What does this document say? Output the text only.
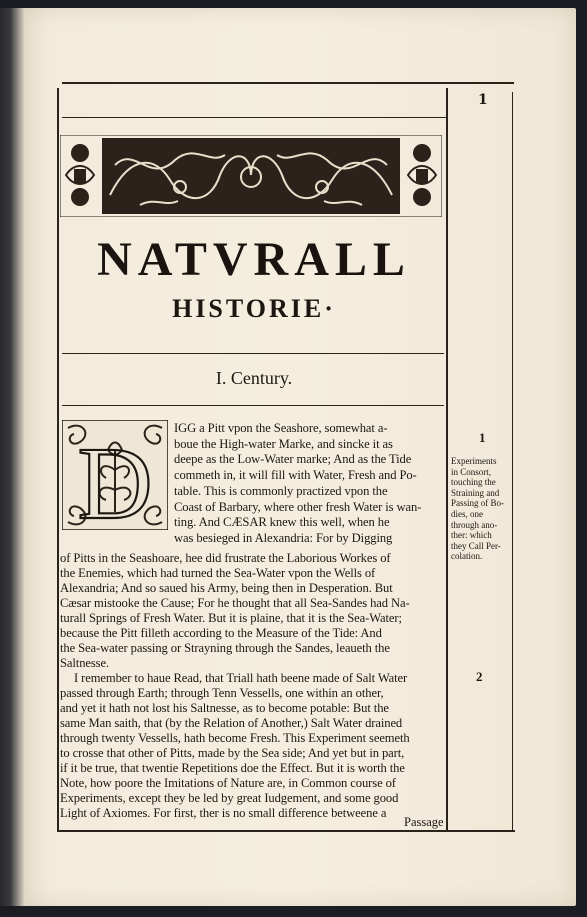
1
NATVRALL
HISTORIE·
I. Century.
D IGG a Pitt vpon the Seashore, somewhat a-
boue the High-water Marke, and sincke it as
deepe as the Low-Water marke; And as the Tide
commeth in, it will fill with Water, Fresh and Po-
table. This is commonly practized vpon the
Coast of Barbary, where other fresh Water is wan-
ting. And CÆSAR knew this well, when he
was besieged in Alexandria: For by Digging
of Pitts in the Seashoare, hee did frustrate the Laborious Workes of
the Enemies, which had turned the Sea-Water vpon the Wells of
Alexandria; And so saued his Army, being then in Desperation. But
Cæsar mistooke the Cause; For he thought that all Sea-Sandes had Na-
turall Springs of Fresh Water. But it is plaine, that it is the Sea-Water;
because the Pitt filleth according to the Measure of the Tide: And
the Sea-water passing or Strayning through the Sandes, leaueth the
Saltnesse.
I remember to haue Read, that Triall hath beene made of Salt Water
passed through Earth; through Tenn Vessells, one within an other,
and yet it hath not lost his Saltnesse, as to become potable: But the
same Man saith, that (by the Relation of Another,) Salt Water drained
through twenty Vessells, hath become Fresh. This Experiment seemeth
to crosse that other of Pitts, made by the Sea side; And yet but in part,
if it be true, that twentie Repetitions doe the Effect. But it is worth the
Note, how poore the Imitations of Nature are, in Common course of
Experiments, except they be led by great Iudgement, and some good
Light of Axiomes. For first, ther is no small difference betweene a
Passage
1
Experiments
in Consort,
touching the
Straining and
Passing of Bo-
dies, one
through ano-
ther: which
they Call Per-
colation.
2
